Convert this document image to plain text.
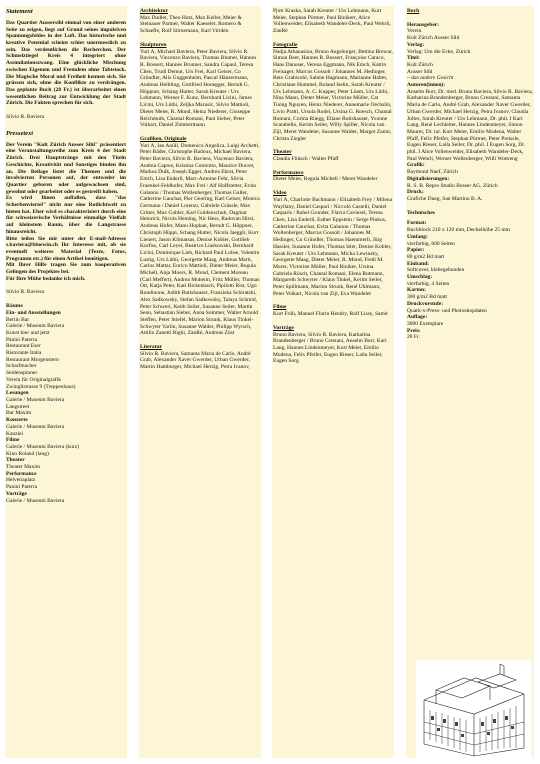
Statement
Das Quartier Aussersihl einmal von einer anderen Seite zu zeigen, liegt auf Grund seines impulsiven Spannungsfeldes in der Luft. Das historische und kreative Potential scheint schier unermesslich zu sein. Das verdeutlichen die Recherchen. Der Schmelztiegel Kreis 4 integriert ohne Assimilationszwang. Eine glückliche Mischung zwischen Eigenem und Fremdem ohne Tabtstock. Die Magische Moral und Freiheit kennen sich. Sie grüssen sich, ohne die Konflikte zu verdrängen. Das geplante Buch (28 Fr.) ist überarbeitet einen wesentlichen Beitrag zur Entwicklung der Stadt Zürich. Die Fakten sprechen für sich.
Silvio R. Baviera
Pressetext
Der Verein "Kult Zürich Ausser Sihl" präsentiert eine Veranstaltungsreihe zum Kreis 4 der Stadt Zürich. Drei Hauptstränge mit den Titeln Geschichte, Kreativität und Sonstiges binden ihn an. Die Beilage listet die Themen und die involvierten Personen auf, der entweder im Quartier geboren oder aufgewachsen sind, gewohnt oder gearbeitet oder es gestreift haben.
Es wird Ihnen auffallen, dass "das Scherbenviertel" nicht nur eine Rotlichtwelt zu bieten hat. Eher wird es charakterisiert durch eine für schweizerische Verhältnisse einmalige Vielfalt auf kleinstem Raum, über die Langstrasse hinausreicht.
Bitte teilen Sie mir unter der E-mail-Adresse s.baviera@bluewin.ch Ihr Interesse mit, ob sie eventuell weiteres Material (Texte, Fotos, Programm etc.) für einen Artikel benötigen.
Mit Ihrer Hilfe tragen Sie zum kooperativen Gelingen des Projektes bei.
Für Ihre Mühe bedanke ich mich.
Silvio R. Baviera
Räume
Ein- und Ausstellungen
Berlin Bar
Galerie / Museum Baviera
Kunst hier und jetzt
Panini Paterra
Restaurant Eser
Ristorante Italia
Restaurant Morgenstern
Scharfmacher
Seidenspinner
Verein für Originalgrafik
Zwinglistrasse 9 (Treppenhaus)
Lesungen
Galerie / Museum Baviera
Langstreet
Bar Maxim
Konzerte
Galerie / Museum Baviera
Kanzlei
Filme
Galerie / Museum Baviera (kurz)
Kino Roland (lang)
Theater
Theater Maxim
Performance
Helvetiaplatz
Panini Paterra
Vorträge
Galerie / Museum Baviera
Architektur
Max Dudler, Theo Hotz, Max Keller, Meier & Steinauer Partner, Walter Kaeseler, Romero & Schaefle, Rolf Stirnemann, Karl Viridén
Skulpturen
Yuri A, Michael Baviera, Peter Baviera, Silvio R. Baviera, Vincenzo Baviera, Thomas Blumer, Hannes R. Bossert, Hannes Brunner, Sandra Capaul, Teresa Chen, Trudi Demut, Urs Frei, Karl Geiser, Co Gründler, Alis Guggenheim, Pascal Häusermann, Andreas Helbling, Gottfried Honegger, Berndt G. Höppner, Schang Hutter, Sarah Kreuter / Urs Lehmann, Werner F. Kunz, Bernhard Licini, James Licini, Urs Lüthi, Zeljka Marusic, Silvio Mattioli, Dieter Meier, R. Mond, Heinz Niederer, Giuseppe Reichmuth, Chantal Romani, Paul Sieber, Peter Volkart, Daniel Zimmermann
Grafiken, Originale
Yuri A, Ian Anüll, Domenico Angelica, Luigi Archetti, Peter Bäder, Christophe Badoux, Michael Baviera, Peter Baviera, Silvio R. Baviera, Vincenzo Baviera, Andrea Caprez, Kristina Comiotto, Maurice Ducret, Markus Dulk, Joseph Egger, Andrea Ehrat, Peter Emch, Lisa Enderli, Marc-Antoine Fehr, Silvia Fraenkel-Feldhofer, Max Frei / Alf Hoffstetter, Evita Galanou / Thomas Wollenberger, Thomas Galler, Catherine Gauchat, Pier Georing, Karl Geiser, Monica Germann / Daniel Lorenzi, Gabriele Grässle, Max Grüter, Max Gubler, Karl Guldenschuh, Dagmar Heinrich, Nicola Heming, Nic Hess, Radovan Hirsl, Andreas Hofer, Manu Hophan, Berndt G. Höppner, Christoph Hüppi, Schang Hutter, Nicola Jaeggli, Kurt Lienert, Jason Klimatsas, Denise Kobler, Gottlieb Kurfiss, Carl Leyel, Beatrice Liaskowski, Bernhard Licini, Dominique Lieb, Richard Paul Lohse, Valentin Lustig, Urs Lüthi, Georgette Maag, Andreas Marti, Carlos Mattar, Enrico Mattioli, Dieter Meier, Regula Michell, Anja Moers, R. Mond, Clement Moreau (Carl Meffert), Andrea Muheim, Fritz Müller, Thomas Ott, Katja Peter, Kati Rickenbach, Pipilotti Rist, Ugo Rondinone, Judith Rutishauser, Franziska Schiratzki, Alex Sadkowsky, Stefan Sadkowsky, Talaya Schmid, Peter Schweri, Keith Seiler, Susanne Seiler, Martin Senn, Sebastian Sieber, Anna Sommer, Walter Arnold Steffen, Peter Stiefel, Marion Strunk, Klaus Tinkel-Schwyter Varlin, Susanne Walder, Philipp Wyrsch, Attilio Zanetti Righi, ZanRé, Andreas Züst
Literatur
Silvio R. Baviera, Samanta Maria de Carlo, André Grab, Alexander Xaver Gwerder, Urban Gwerder, Martin Hamburger, Michael Herzig, Petra Ivanov,
Pjotr Kraska, Sarah Kreuter / Urs Lehmann, Kurt Meier, Stephan Pörtner, Paul Rinikerr, Alice Vollenweider, Elisabeth Wandeler-Deck, Paul Wehrli, ZanRé
Fotografie
Nadja Athanasiou, Bruno Augsburger, Bettina Brewar, Simon Beer, Hannes R. Bossert, Françoise Caraco, Hans Danuser, Verena Eggmann, Nik Emch, Katrin Freisager, Marcus Gossolt / Johannes M. Hedinger, Reto Grahwohl, Sabine Hagmann, Marianne Halter, Christiane Hummel, Roland Iselin, Sarah Kreuter / Urs Lehmann, A. C. Kupper, Peter Lüem, Urs Lüthi, Nina Mann, Dieter Meier, Victorine Müller, Cat Tuong Nguyen, Heinz Niederer, Annemarie Oechslin, Livio Pratti, Ursula Rodel, Ursina G. Roesch, Chantal Romani, Corina Rüegg, Eliane Rutishauser, Yvonne Scarabello, Kerim Seiler, Willy Spiller, Nicola van Zijl, Meret Wandeler, Susanne Walder, Margot Zanni, Christa Ziegler
Theater
Claudia Flütsch / Walter Pfaff
Performance
Dieter Meier, Regula Michell / Meret Wandeler
Video
Yuri A, Charlotte Bachmann / Elizabeth Frey / Milena Wayllany, Daniel Caspari / Niccolò Castelli, Daniel Casparis / Rahel Grunder, Flavia Caviezel, Teresa Chen, Lisa Enderli, Esther Eppstein / Serge Pinkus, Catherine Gauchat, Evita Galanou / Thomas Wollenberger, Marcus Gossolt / Johannes M. Hedinger, Co Gründler, Thomas Haemmerli, Jürg Hassler, Susanne Hofer, Thomas Isler, Denise Kobler, Sarah Kreuter / Urs Lehmann, Micha Lewinsky, Georgette Maag, Dieter Meier, R. Mond, Fredi M. Murer, Victorine Müller, Paul Riniker, Ursina Gabriela Rösch, Chantal Romani, Elena Rutmann, Margareth Schwyter / Klaus Tinkel, Kerim Seiler, Peter Spillmann, Marion Strunk, René Uhlmann, Peter Volkart, Nicola van Zijl, Eva Wandeler
Filme
Kurt Früh, Manuel Flurin Hendry, Rolf Lissy, Samir
Vorträge
Bruno Baviera, Silvio R. Baviera, Katharina Brandenberger / Bruno Crestani, Anselm Burr, Karl Lang, Hannes Lindenmeyer, Kurt Meier, Emilio Modena, Felix Pfeifer, Eugen Rieser, Laila Seiler, Eugen Sorg
Buch
Herausgeber:
Verein
Kult Zürich Ausser Sihl
Verlag:
Verlag: Um die Ecke, Zürich
Titel:
Kult Zürich
Ausser Sihl
– das andere Gesicht
Autoren(innen):
Anselm Burr, Dr. med. Bruno Baviera, Silvio R. Baviera, Katharina Brandenberger, Bruno Crestani, Samanta Maria de Carlo, André Grab, Alexander Xaver Gwerder, Urban Gwerder, Michael Herzig, Petra Ivanov, Claudia Jolles, Sarah Kreuter / Urs Lehmann, Dr. phil. I Karl Lang, René Lechleiter, Hannes Lindenmeyer, Simon Maurer, Dr. iur. Kurt Meier, Emilio Modena, Walter Pfaff, Felix Pfeifer, Stephan Pörtner, Peter Preissle, Eugen Rieser, Laila Seiler, Dr. phil. I Eugen Sorg, Dr. phil. I Alice Vollenweider, Elisabeth Wandeler-Deck, Paul Wehrli, Werner Wollenberger, Willi Wottreng
Grafik:
Raymond Naef, Zürich
Digitalisierungen:
R. S. B. Repro Studio Bosser AG, Zürich
Druck:
Grafiche Dueg, San Martino B. A.
Technisches
Format:
Buchblock 210 x 120 mm, Deckelhöhe 25 mm
Umfang:
vierfarbig, 600 Seiten
Papier:
80 g/m2 Bd matt
Einband:
Softcover, klebegebunden
Umschlag:
vierfarbig, 4 Seiten
Karton:
300 g/m2 Bd matt
Druckvorstufe:
Quark-x-Press- und Photoshopdaten
Auflage:
3000 Exemplare
Preis:
28 Fr.
